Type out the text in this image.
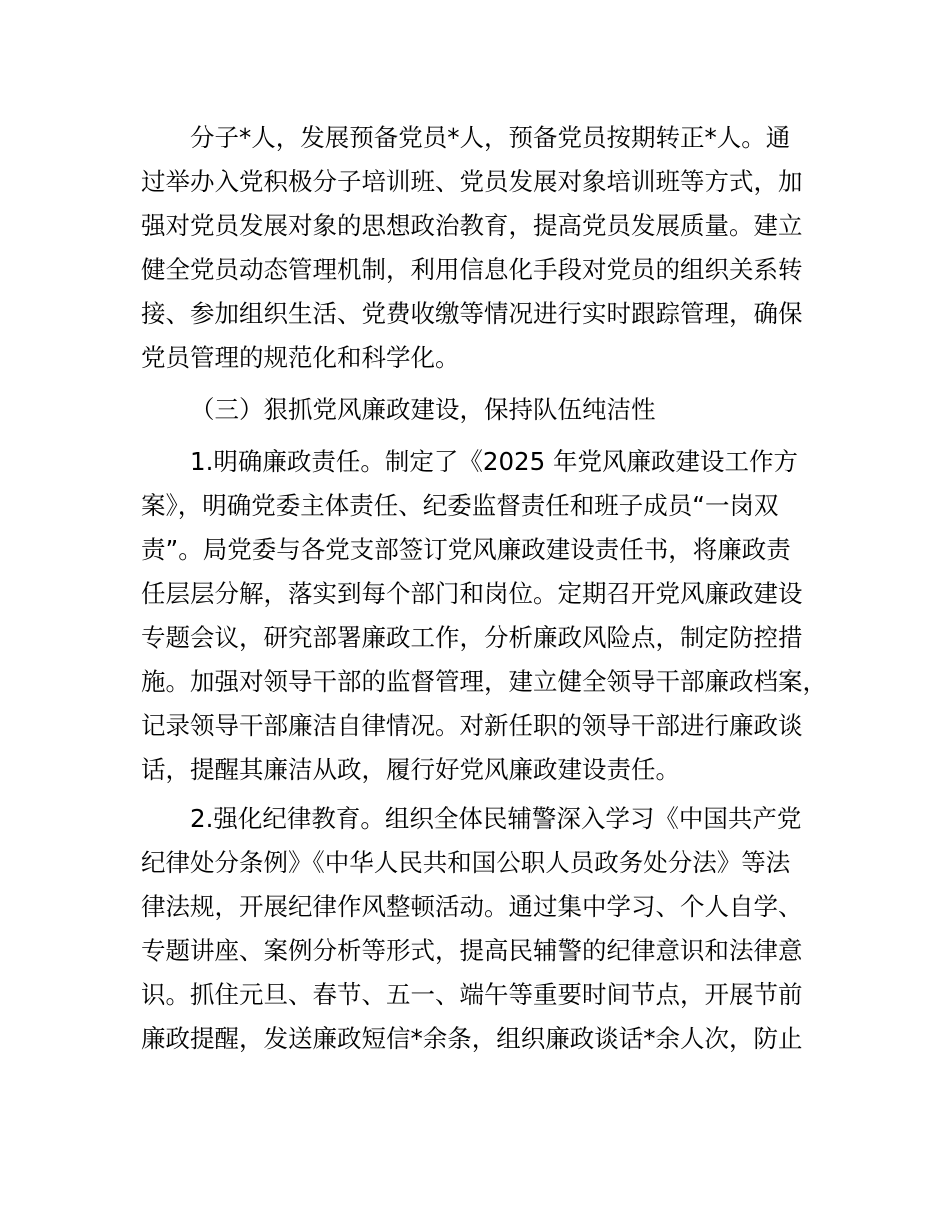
分子*人，发展预备党员*人，预备党员按期转正*人。通
过举办入党积极分子培训班、党员发展对象培训班等方式，加
强对党员发展对象的思想政治教育，提高党员发展质量。建立
健全党员动态管理机制，利用信息化手段对党员的组织关系转
接、参加组织生活、党费收缴等情况进行实时跟踪管理，确保
党员管理的规范化和科学化。
（三）狠抓党风廉政建设，保持队伍纯洁性
1.明确廉政责任。制定了《2025 年党风廉政建设工作方
案》，明确党委主体责任、纪委监督责任和班子成员“一岗双
责”。局党委与各党支部签订党风廉政建设责任书，将廉政责
任层层分解，落实到每个部门和岗位。定期召开党风廉政建设
专题会议，研究部署廉政工作，分析廉政风险点，制定防控措
施。加强对领导干部的监督管理，建立健全领导干部廉政档案，
记录领导干部廉洁自律情况。对新任职的领导干部进行廉政谈
话，提醒其廉洁从政，履行好党风廉政建设责任。
2.强化纪律教育。组织全体民辅警深入学习《中国共产党
纪律处分条例》《中华人民共和国公职人员政务处分法》等法
律法规，开展纪律作风整顿活动。通过集中学习、个人自学、
专题讲座、案例分析等形式，提高民辅警的纪律意识和法律意
识。抓住元旦、春节、五一、端午等重要时间节点，开展节前
廉政提醒，发送廉政短信*余条，组织廉政谈话*余人次，防止
